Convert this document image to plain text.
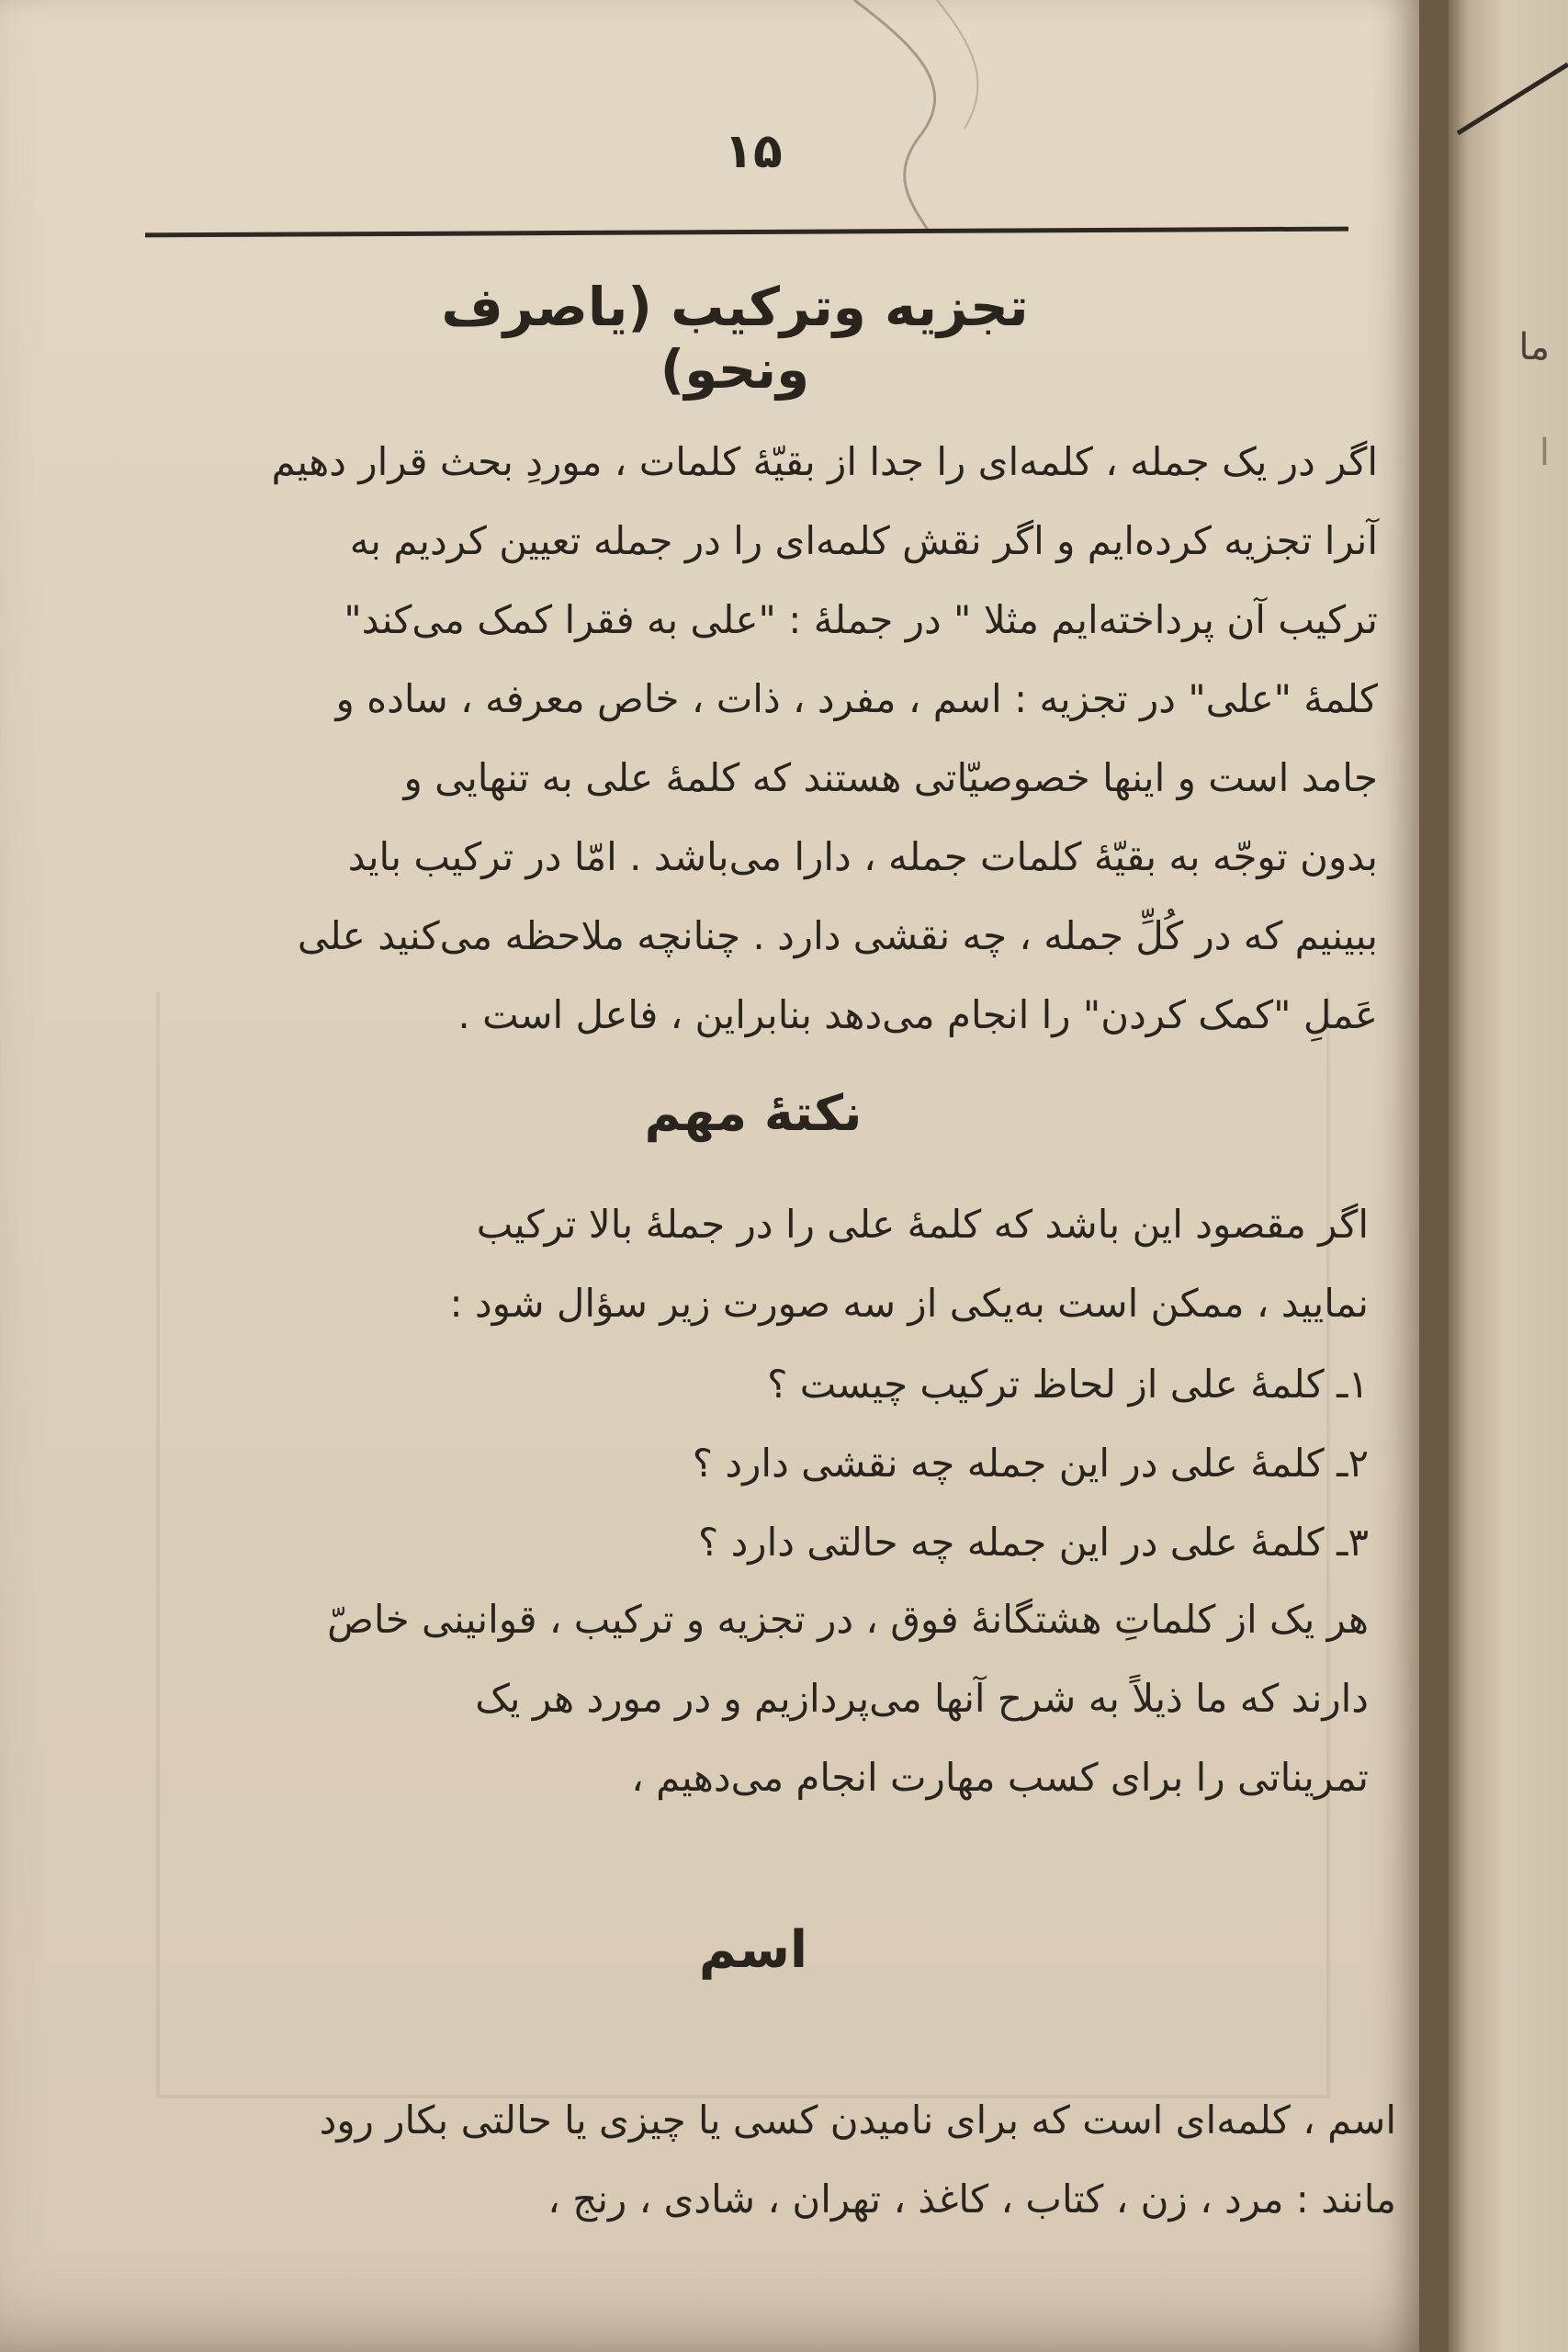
۱۵
تجزیه وترکیب (یاصرف ونحو)
اگر در یک جمله ، کلمه‌ای را جدا از بقیّهٔ کلمات ، موردِ بحث قرار دهیم
آنرا تجزیه کرده‌ایم و اگر نقش کلمه‌ای را در جمله تعیین کردیم به
ترکیب آن پرداخته‌ایم مثلا " در جملهٔ : "علی به فقرا کمک می‌کند"
کلمهٔ "علی" در تجزیه : اسم ، مفرد ، ذات ، خاص معرفه ، ساده و
جامد است و اینها خصوصیّاتی هستند که کلمهٔ علی به تنهایی و
بدون توجّه به بقیّهٔ کلمات جمله ، دارا می‌باشد . امّا در ترکیب باید
ببینیم که در کُلِّ جمله ، چه نقشی دارد . چنانچه ملاحظه می‌کنید علی
عَملِ "کمک کردن" را انجام می‌دهد بنابراین ، فاعل است .
نکتهٔ مهم
اگر مقصود این باشد که کلمهٔ علی را در جملهٔ بالا ترکیب
نمایید ، ممکن است به‌یکی از سه صورت زیر سؤال شود :
۱ـ کلمهٔ علی از لحاظ ترکیب چیست ؟
۲ـ کلمهٔ علی در این جمله چه نقشی دارد ؟
۳ـ کلمهٔ علی در این جمله چه حالتی دارد ؟
هر یک از کلماتِ هشتگانهٔ فوق ، در تجزیه و ترکیب ، قوانینی خاصّ
دارند که ما ذیلاً به شرح آنها می‌پردازیم و در مورد هر یک
تمریناتی را برای کسب مهارت انجام می‌دهیم ،
اسم
اسم ، کلمه‌ای است که برای نامیدن کسی یا چیزی یا حالتی بکار رود
مانند : مرد ، زن ، کتاب ، کاغذ ، تهران ، شادی ، رنج ،
ما
ا
